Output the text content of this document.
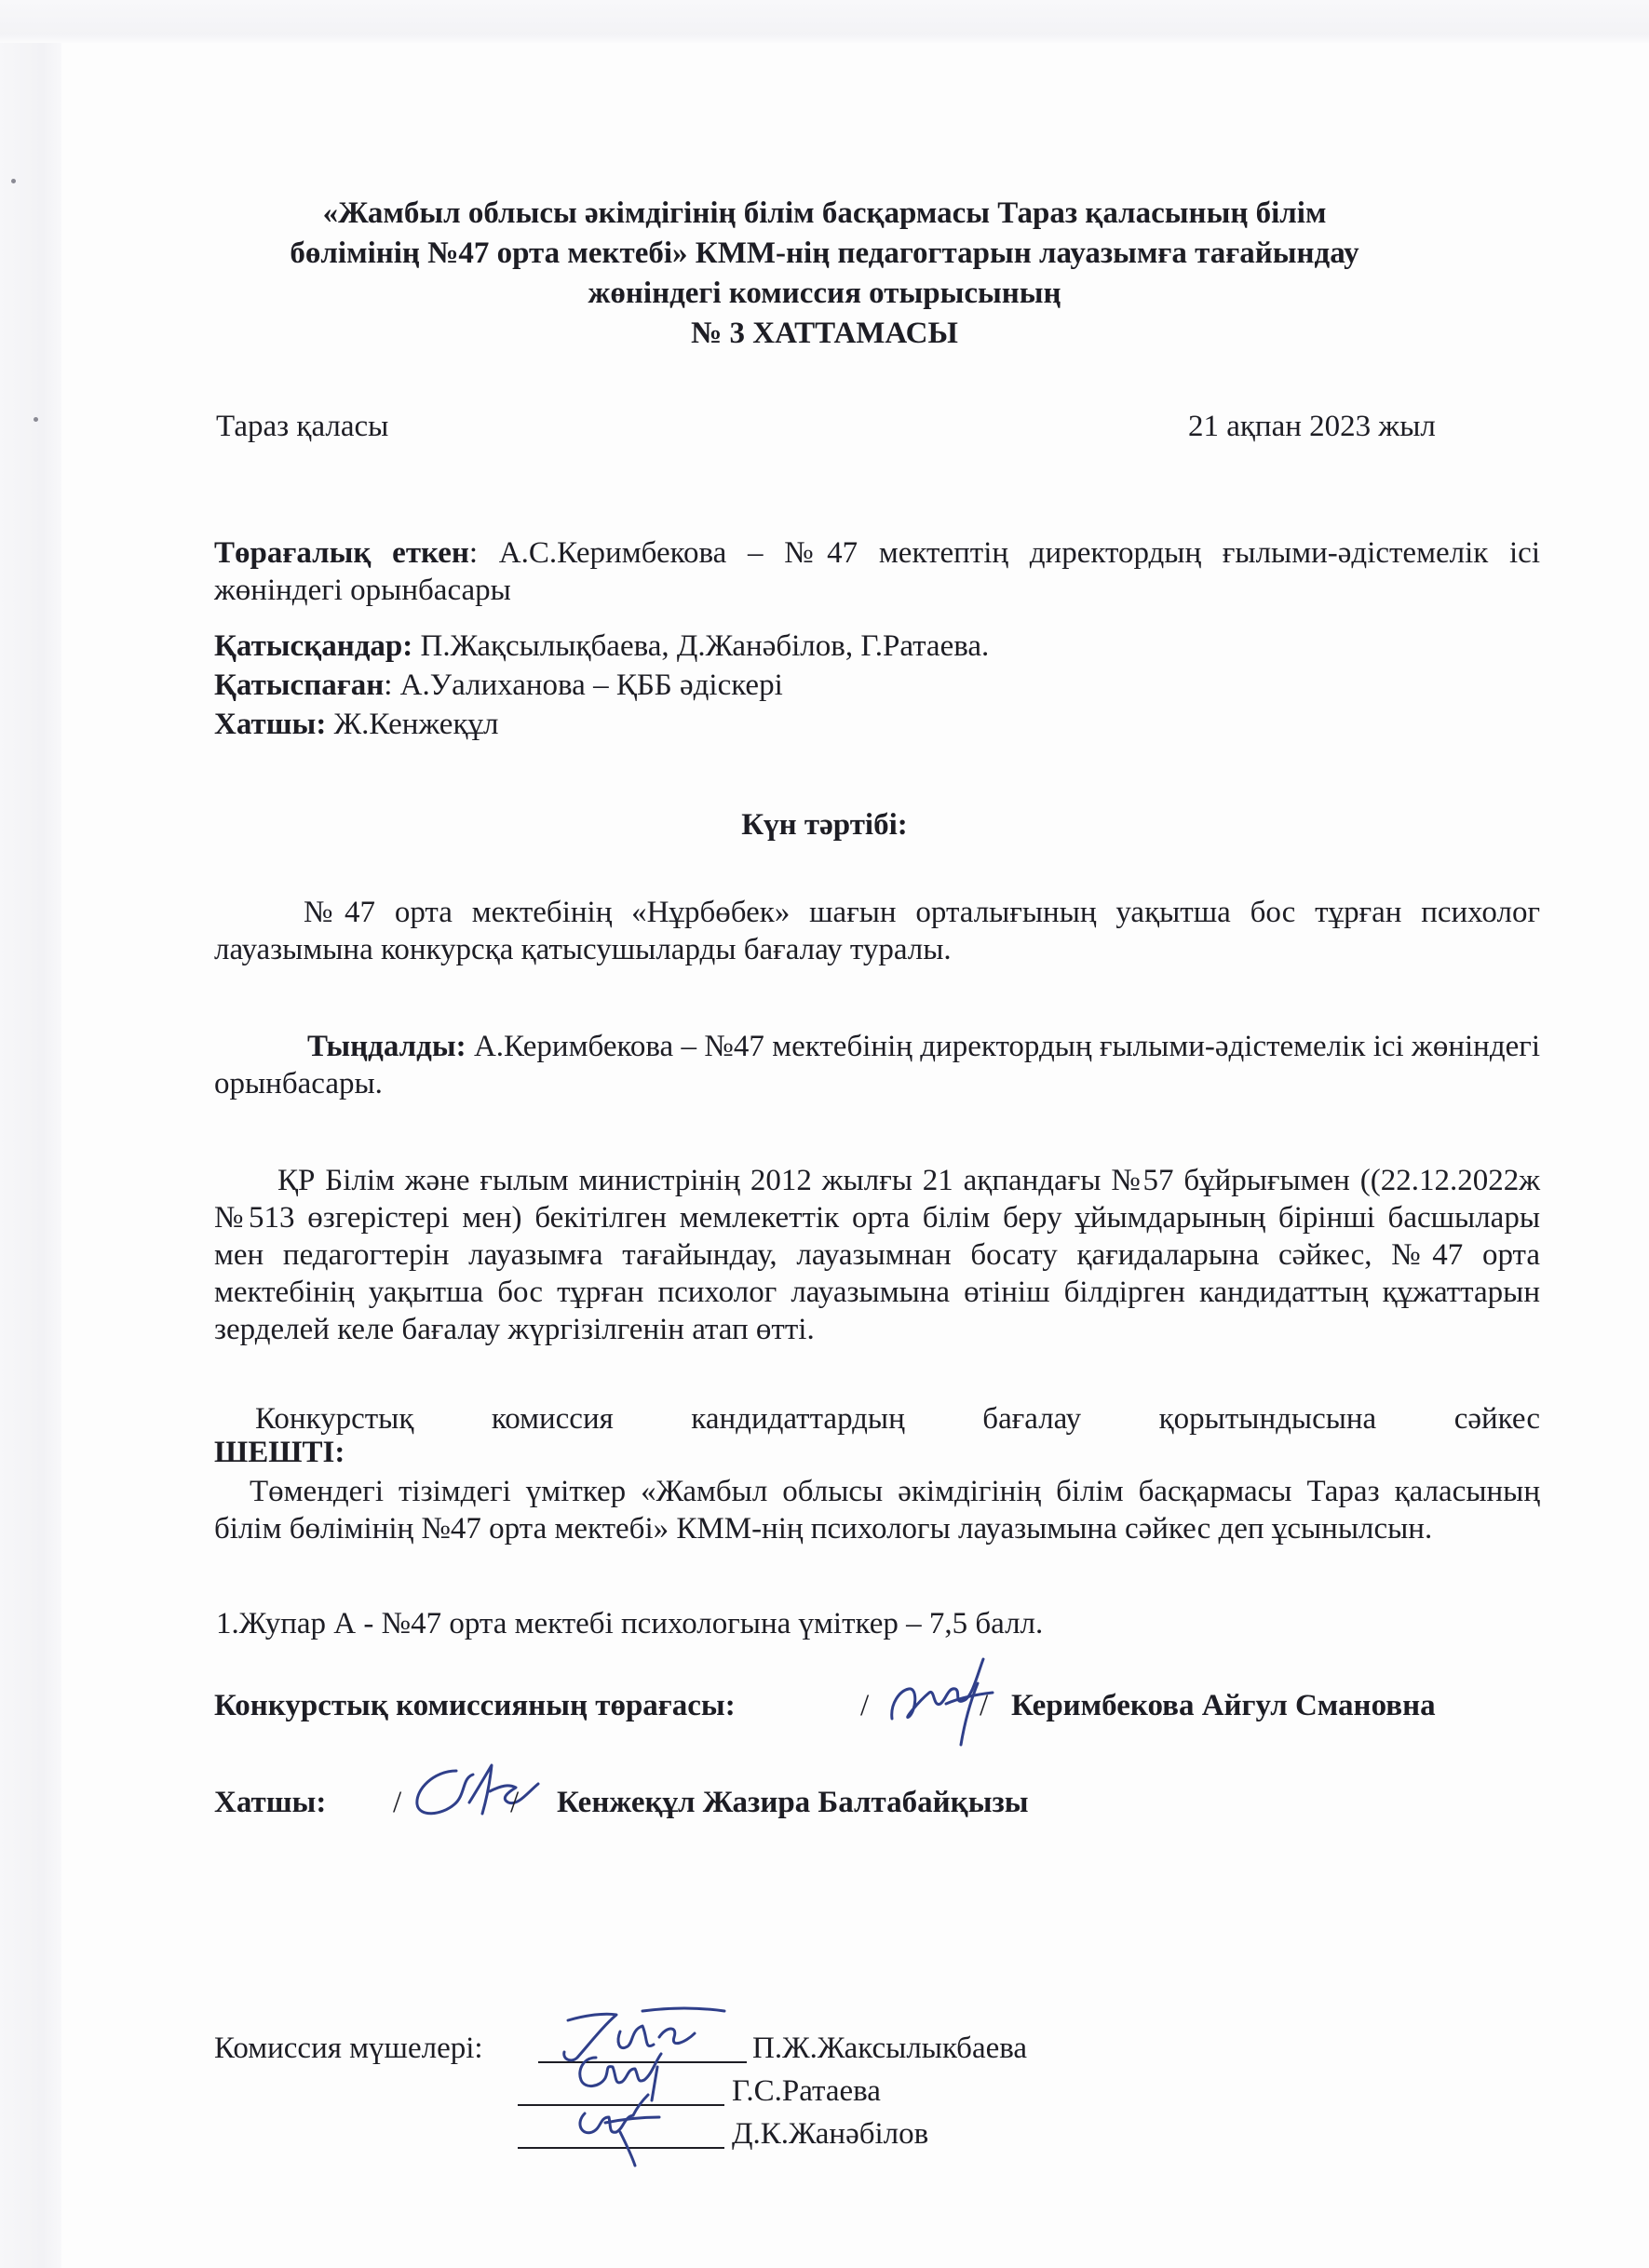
«Жамбыл облысы әкімдігінің білім басқармасы Тараз қаласының білім
бөлімінің №47 орта мектебі» КММ-нің педагогтарын лауазымға тағайындау
жөніндегі комиссия отырысының
№ 3 ХАТТАМАСЫ
Тараз қаласы	21 ақпан 2023 жыл
Төрағалық еткен: А.С.Керимбекова – №47 мектептің директордың ғылыми-әдістемелік ісі жөніндегі орынбасары
Қатысқандар: П.Жақсылықбаева, Д.Жанәбілов, Г.Ратаева.
Қатыспаған: А.Уалиханова – ҚББ әдіскері
Хатшы: Ж.Кенжеқұл
Күн тәртібі:
№47 орта мектебінің «Нұрбөбек» шағын орталығының уақытша бос тұрған психолог лауазымына конкурсқа қатысушыларды бағалау туралы.
Тыңдалды: А.Керимбекова – №47 мектебінің директордың ғылыми-әдістемелік ісі жөніндегі орынбасары.
ҚР Білім және ғылым министрінің 2012 жылғы 21 ақпандағы №57 бұйрығымен ((22.12.2022ж №513 өзгерістері мен) бекітілген мемлекеттік орта білім беру ұйымдарының бірінші басшылары мен педагогтерін лауазымға тағайындау, лауазымнан босату қағидаларына сәйкес, №47 орта мектебінің уақытша бос тұрған психолог лауазымына өтініш білдірген кандидаттың құжаттарын зерделей келе бағалау жүргізілгенін атап өтті.
Конкурстық комиссия кандидаттардың бағалау қорытындысына сәйкес
ШЕШТІ:
Төмендегі тізімдегі үміткер «Жамбыл облысы әкімдігінің білім басқармасы Тараз қаласының білім бөлімінің №47 орта мектебі» КММ-нің психологы лауазымына сәйкес деп ұсынылсын.
1.Жупар А - №47 орта мектебі психологына үміткер – 7,5 балл.
Конкурстық комиссияның төрағасы:	/	/ Керимбекова Айгул Смановна
Хатшы: /	/ Кенжеқұл Жазира Балтабайқызы
Комиссия мүшелері:	П.Ж.Жаксылыкбаева
Г.С.Ратаева
Д.К.Жанәбілов
